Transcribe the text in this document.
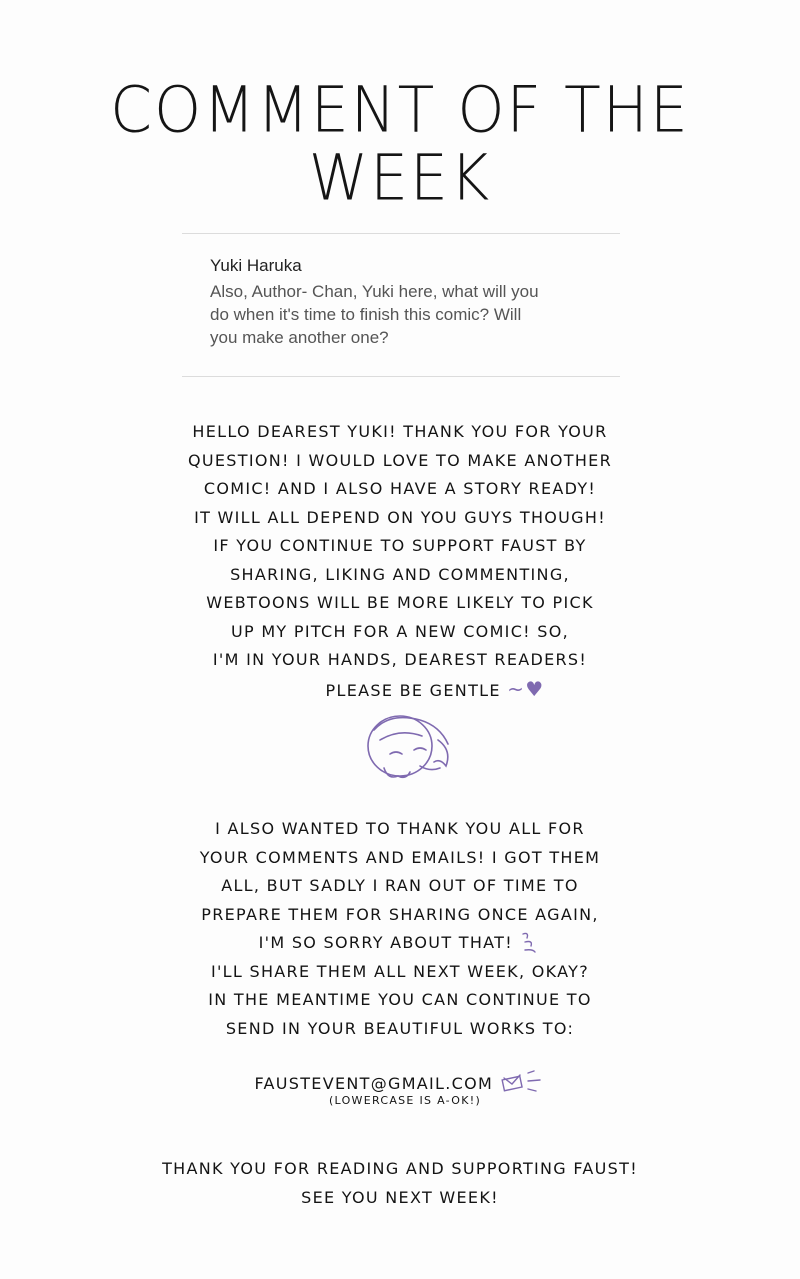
COMMENT OF THE
WEEK

Yuki Haruka

Also, Author- Chan, Yuki here, what will you

do when it's time to finish this comic? Will

you make another one?

HELLO DEAREST YUKI! THANK YOU FOR YOUR

QUESTION! I WOULD LOVE TO MAKE ANOTHER

COMIC! AND I ALSO HAVE A STORY READY!

IT WILL ALL DEPEND ON YOU GUYS THOUGH!

IF YOU CONTINUE TO SUPPORT FAUST BY

SHARING, LIKING AND COMMENTING,

WEBTOONS WILL BE MORE LIKELY TO PICK

UP MY PITCH FOR A NEW COMIC! SO,

I'M IN YOUR HANDS, DEAREST READERS!

PLEASE BE GENTLE ~♥

I ALSO WANTED TO THANK YOU ALL FOR

YOUR COMMENTS AND EMAILS! I GOT THEM

ALL, BUT SADLY I RAN OUT OF TIME TO

PREPARE THEM FOR SHARING ONCE AGAIN,

I'M SO SORRY ABOUT THAT!

I'LL SHARE THEM ALL NEXT WEEK, OKAY?

IN THE MEANTIME YOU CAN CONTINUE TO

SEND IN YOUR BEAUTIFUL WORKS TO:

FAUSTEVENT@GMAIL.COM

(LOWERCASE IS A-OK!)

THANK YOU FOR READING AND SUPPORTING FAUST!

SEE YOU NEXT WEEK!
